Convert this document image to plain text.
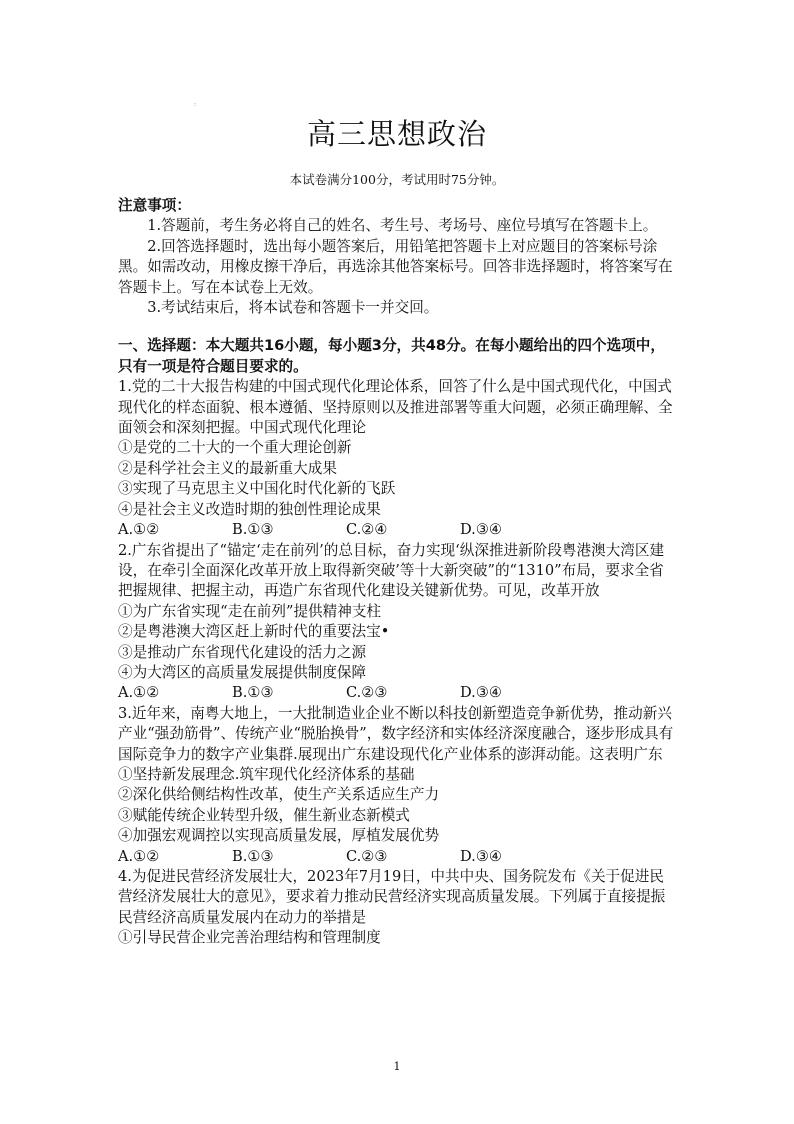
:
高三思想政治
本试卷满分100分，考试用时75分钟。

注意事项：

1.答题前，考生务必将自己的姓名、考生号、考场号、座位号填写在答题卡上。

2.回答选择题时，选出每小题答案后，用铅笔把答题卡上对应题目的答案标号涂黑。如需改动，用橡皮擦干净后，再选涂其他答案标号。回答非选择题时，将答案写在答题卡上。写在本试卷上无效。

3.考试结束后，将本试卷和答题卡一并交回。

一、选择题：本大题共16小题，每小题3分，共48分。在每小题给出的四个选项中，只有一项是符合题目要求的。

1.党的二十大报告构建的中国式现代化理论体系，回答了什么是中国式现代化，中国式现代化的样态面貌、根本遵循、坚持原则以及推进部署等重大问题，必须正确理解、全面领会和深刻把握。中国式现代化理论

①是党的二十大的一个重大理论创新

②是科学社会主义的最新重大成果

③实现了马克思主义中国化时代化新的飞跃

④是社会主义改造时期的独创性理论成果

A.①②	B.①③	C.②④	D.③④

2.广东省提出了“锚定‘走在前列’的总目标，奋力实现‘纵深推进新阶段粤港澳大湾区建设，在牵引全面深化改革开放上取得新突破’等十大新突破”的“1310”布局，要求全省把握规律、把握主动，再造广东省现代化建设关键新优势。可见，改革开放

①为广东省实现“走在前列”提供精神支柱

②是粤港澳大湾区赶上新时代的重要法宝•

③是推动广东省现代化建设的活力之源

④为大湾区的高质量发展提供制度保障

A.①②	B.①③	C.②③	D.③④

3.近年来，南粤大地上，一大批制造业企业不断以科技创新塑造竞争新优势，推动新兴产业“强劲筋骨”、传统产业“脱胎换骨”，数字经济和实体经济深度融合，逐步形成具有国际竞争力的数字产业集群.展现出广东建设现代化产业体系的澎湃动能。这表明广东

①坚持新发展理念.筑牢现代化经济体系的基础

②深化供给侧结构性改革，使生产关系适应生产力

③赋能传统企业转型升级，催生新业态新模式

④加强宏观调控以实现高质量发展，厚植发展优势

A.①②	B.①③	C.②③	D.③④

4.为促进民营经济发展壮大，2023年7月19日，中共中央、国务院发布《关于促进民营经济发展壮大的意见》，要求着力推动民营经济实现高质量发展。下列属于直接提振民营经济高质量发展内在动力的举措是

①引导民营企业完善治理结构和管理制度

1
